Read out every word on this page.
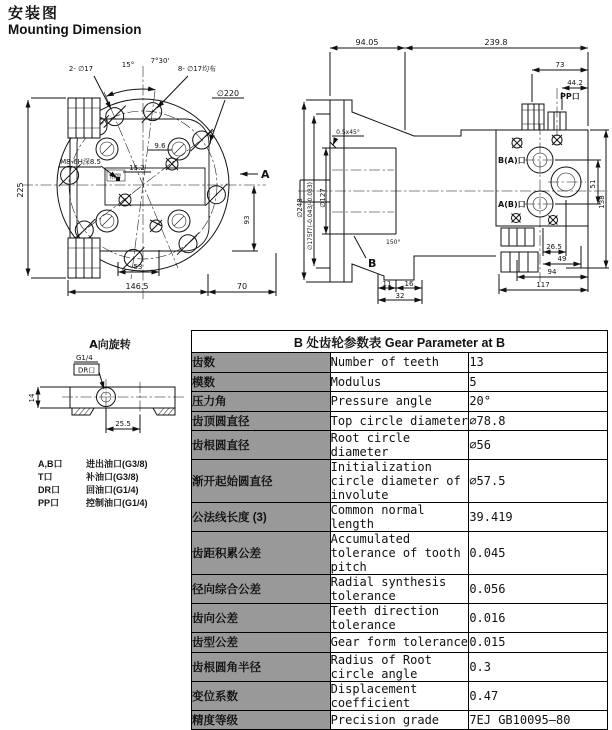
安装图
Mounting Dimension
2- ∅17	15° 7°30'
8- ∅17均布
∅220
9.6
15.2
M8-6H深8.5
铭牌
225
93
A
53
146.5	70
94.05	239.8
73
44.2
PP口
0.5x45°
∅248 ∅175f7(-0.043/-0.083) ∅127
B
150°
11 16
32
B(A)口
A(B)口
51
138
26.5
49
94
117
A向旋转
G1/4
DR口
14
25.5
A,B口	进出油口(G3/8)
T口	补油口(G3/8)
DR口	回油口(G1/4)
PP口	控制油口(G1/4)
B 处齿轮参数表 Gear Parameter at B		
齿数	Number of teeth	13
模数	Modulus	5
压力角	Pressure angle	20°
齿顶圆直径	Top circle diameter	∅78.8
齿根圆直径	Root circle diameter	∅56
渐开起始圆直径	Initialization circle diameter of involute	∅57.5
公法线长度 (3)	Common normal length	39.419
齿距积累公差	Accumulated tolerance of tooth pitch	0.045
径向综合公差	Radial synthesis tolerance	0.056
齿向公差	Teeth direction tolerance	0.016
齿型公差	Gear form tolerance	0.015
齿根圆角半径	Radius of Root circle angle	0.3
变位系数	Displacement coefficient	0.47
精度等级	Precision grade	7EJ GB10095—80
